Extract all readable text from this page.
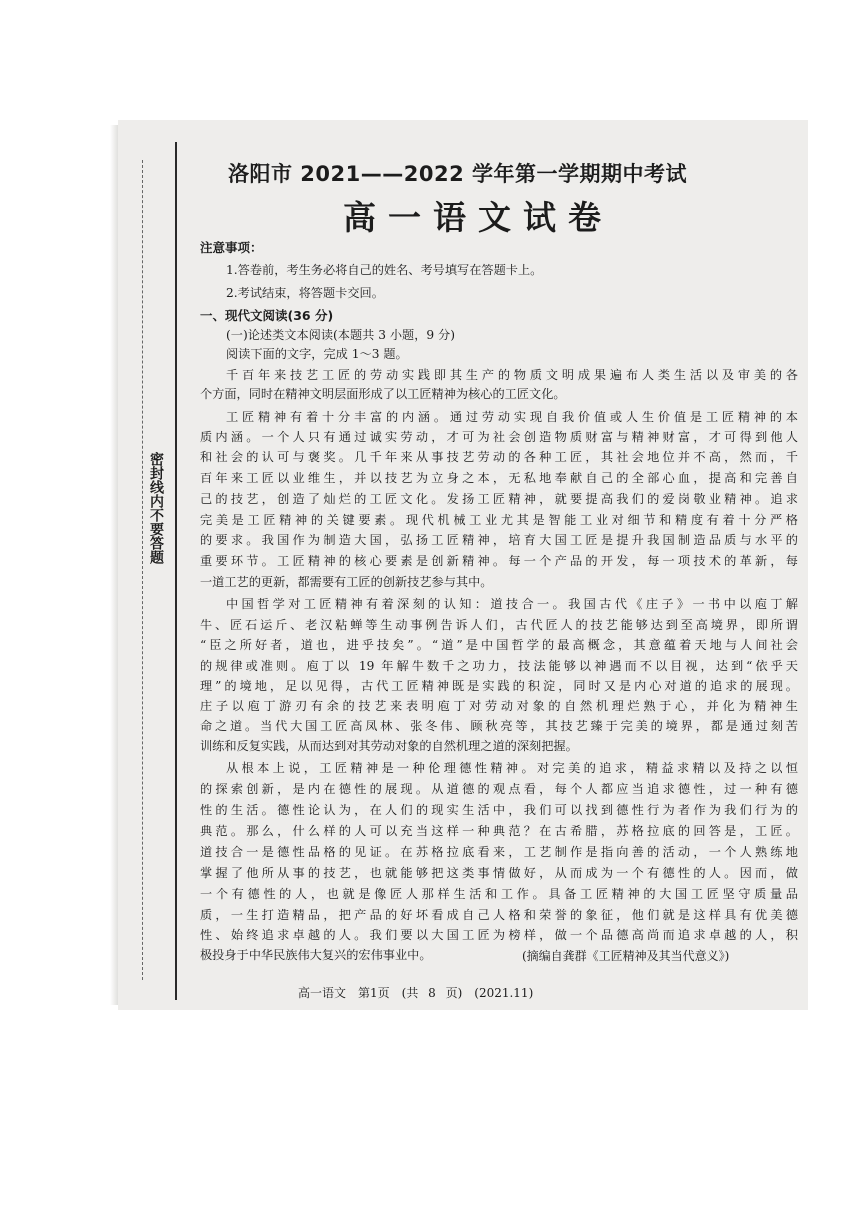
密封线内不要答题
洛阳市 2021——2022 学年第一学期期中考试
高一语文试卷
注意事项：
1.答卷前，考生务必将自己的姓名、考号填写在答题卡上。
2.考试结束，将答题卡交回。
一、现代文阅读(36 分)
(一)论述类文本阅读(本题共 3 小题，9 分)
阅读下面的文字，完成 1～3 题。
千百年来技艺工匠的劳动实践即其生产的物质文明成果遍布人类生活以及审美的各
个方面，同时在精神文明层面形成了以工匠精神为核心的工匠文化。
工匠精神有着十分丰富的内涵。通过劳动实现自我价值或人生价值是工匠精神的本
质内涵。一个人只有通过诚实劳动，才可为社会创造物质财富与精神财富，才可得到他人
和社会的认可与褒奖。几千年来从事技艺劳动的各种工匠，其社会地位并不高，然而，千
百年来工匠以业维生，并以技艺为立身之本，无私地奉献自己的全部心血，提高和完善自
己的技艺，创造了灿烂的工匠文化。发扬工匠精神，就要提高我们的爱岗敬业精神。追求
完美是工匠精神的关键要素。现代机械工业尤其是智能工业对细节和精度有着十分严格
的要求。我国作为制造大国，弘扬工匠精神，培育大国工匠是提升我国制造品质与水平的
重要环节。工匠精神的核心要素是创新精神。每一个产品的开发，每一项技术的革新，每
一道工艺的更新，都需要有工匠的创新技艺参与其中。
中国哲学对工匠精神有着深刻的认知：道技合一。我国古代《庄子》一书中以庖丁解
牛、匠石运斤、老汉粘蝉等生动事例告诉人们，古代匠人的技艺能够达到至高境界，即所谓
“臣之所好者，道也，进乎技矣”。“道”是中国哲学的最高概念，其意蕴着天地与人间社会
的规律或准则。庖丁以 19 年解牛数千之功力，技法能够以神遇而不以目视，达到“依乎天
理”的境地，足以见得，古代工匠精神既是实践的积淀，同时又是内心对道的追求的展现。
庄子以庖丁游刃有余的技艺来表明庖丁对劳动对象的自然机理烂熟于心，并化为精神生
命之道。当代大国工匠高凤林、张冬伟、顾秋亮等，其技艺臻于完美的境界，都是通过刻苦
训练和反复实践，从而达到对其劳动对象的自然机理之道的深刻把握。
从根本上说，工匠精神是一种伦理德性精神。对完美的追求，精益求精以及持之以恒
的探索创新，是内在德性的展现。从道德的观点看，每个人都应当追求德性，过一种有德
性的生活。德性论认为，在人们的现实生活中，我们可以找到德性行为者作为我们行为的
典范。那么，什么样的人可以充当这样一种典范？在古希腊，苏格拉底的回答是，工匠。
道技合一是德性品格的见证。在苏格拉底看来，工艺制作是指向善的活动，一个人熟练地
掌握了他所从事的技艺，也就能够把这类事情做好，从而成为一个有德性的人。因而，做
一个有德性的人，也就是像匠人那样生活和工作。具备工匠精神的大国工匠坚守质量品
质，一生打造精品，把产品的好坏看成自己人格和荣誉的象征，他们就是这样具有优美德
性、始终追求卓越的人。我们要以大国工匠为榜样，做一个品德高尚而追求卓越的人，积
极投身于中华民族伟大复兴的宏伟事业中。	(摘编自龚群《工匠精神及其当代意义》)
高一语文　第1页　(共 8 页)　(2021.11)
